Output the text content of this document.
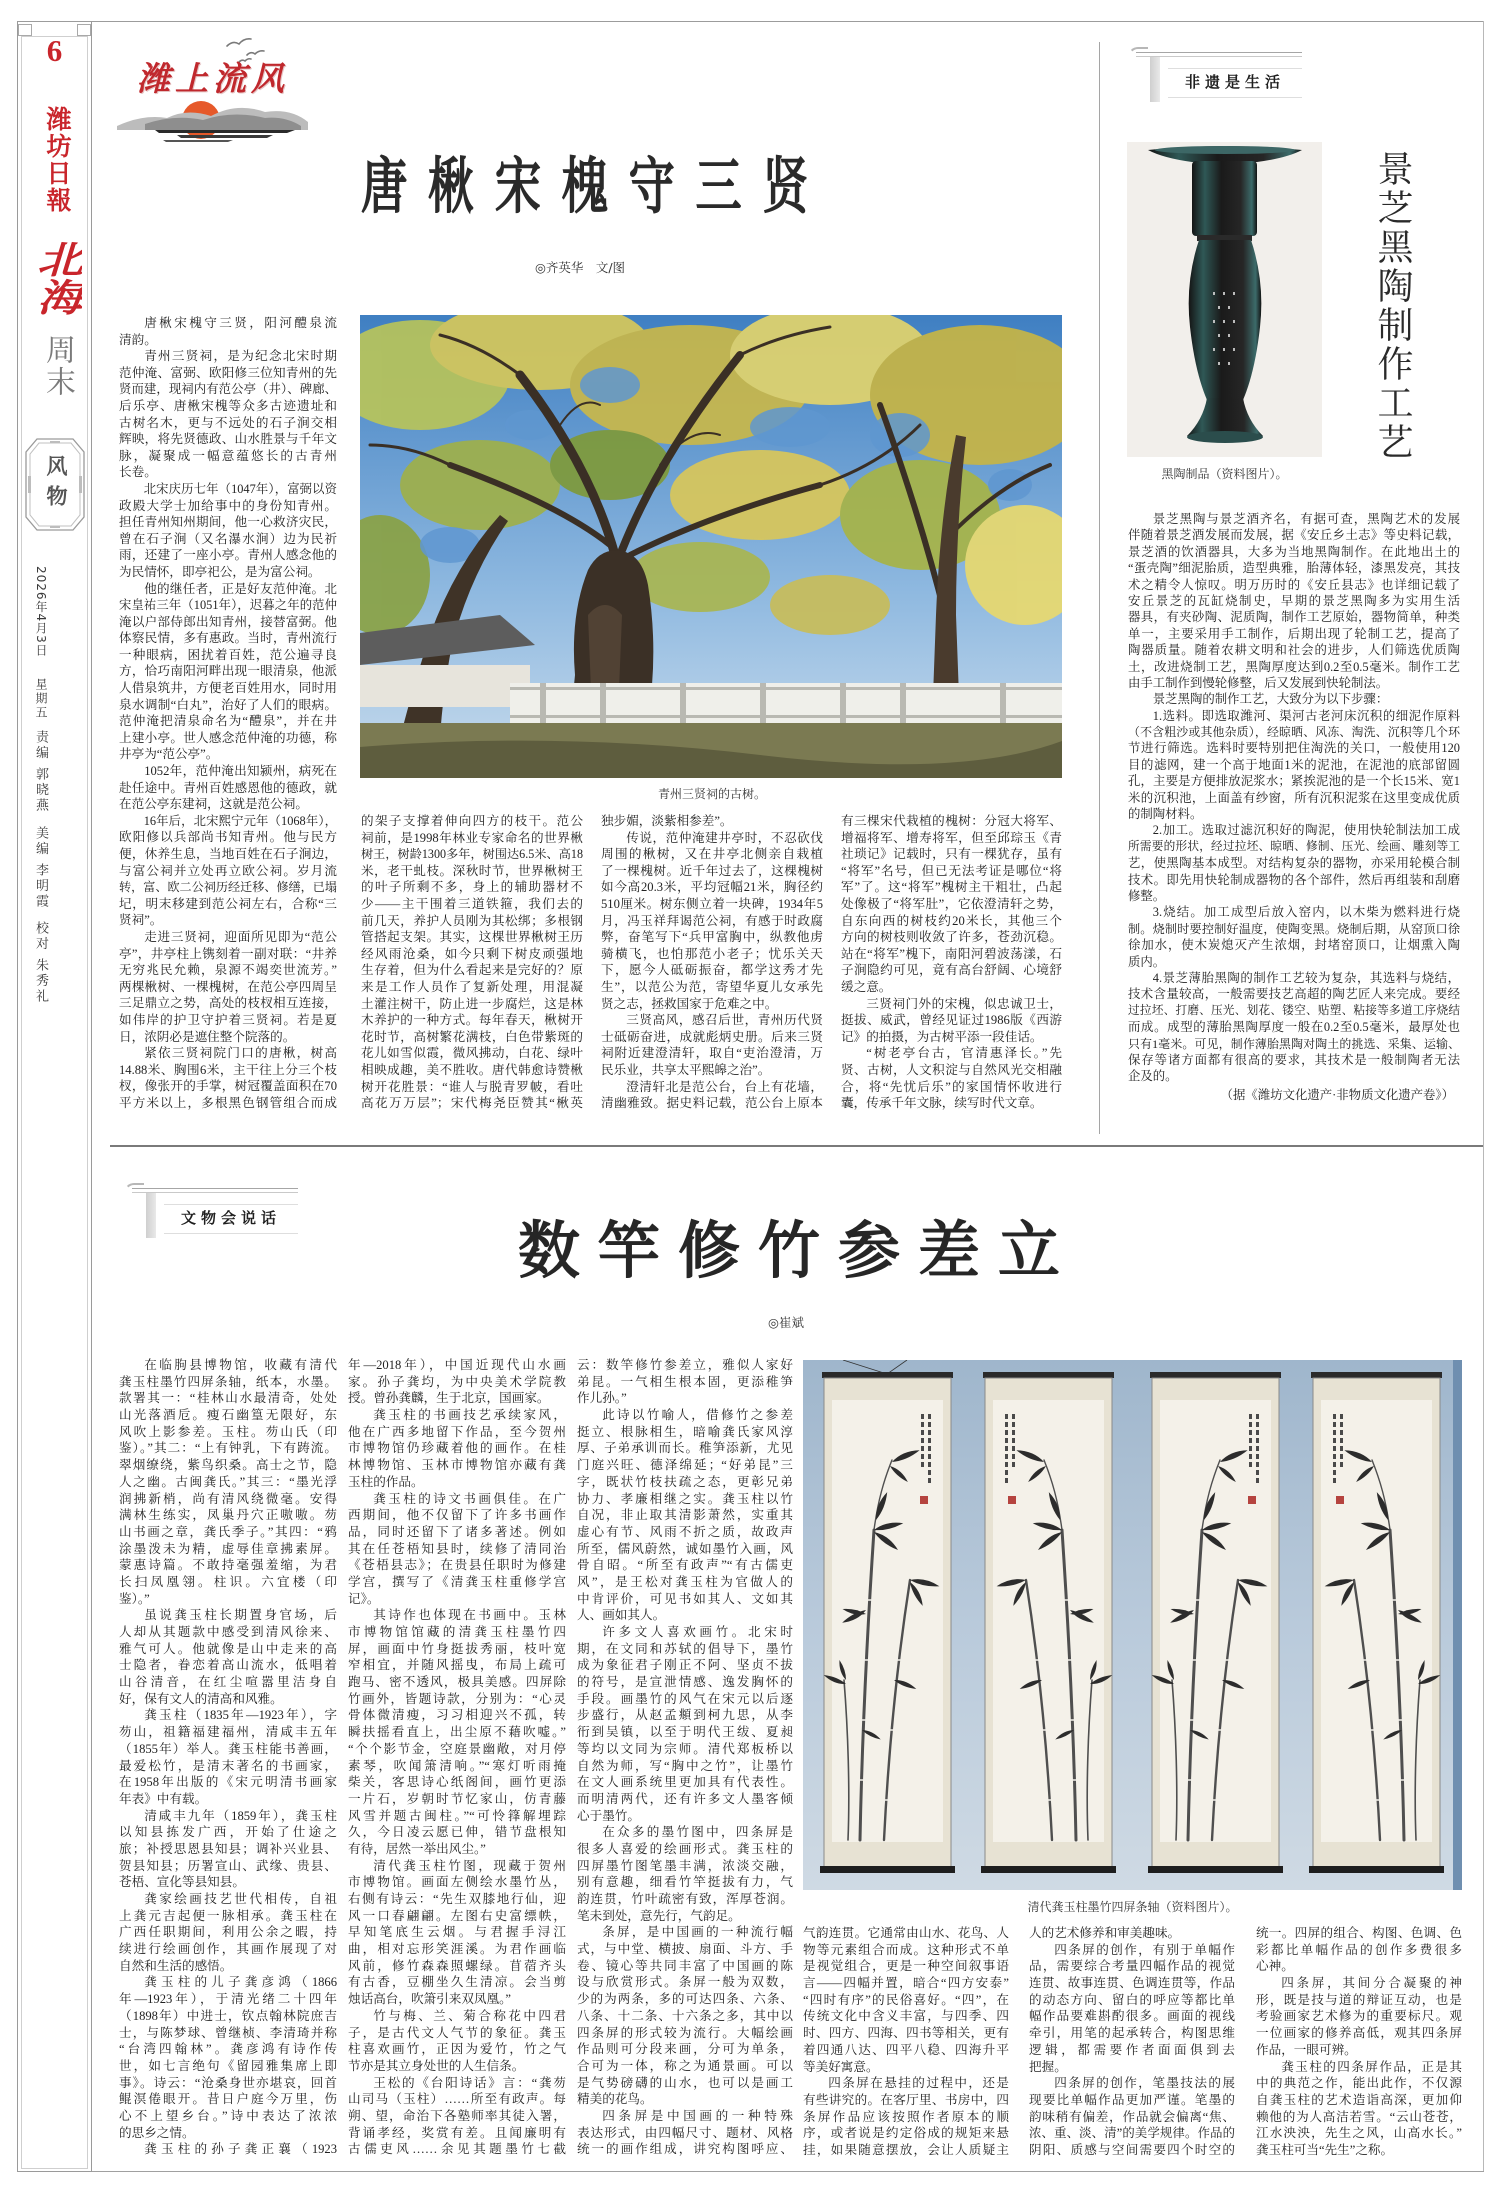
6
潍坊日報
北海
周末
风物
2026年4月3日
星期五
责编郭晓燕美编李明霞校对朱秀礼
潍上流风
唐楸宋槐守三贤
◎齐英华　文/图
青州三贤祠的古树。
唐楸宋槐守三贤，阳河醴泉流
清韵。
青州三贤祠，是为纪念北宋时期
范仲淹、富弼、欧阳修三位知青州的先
贤而建，现祠内有范公亭（井）、碑廊、
后乐亭、唐楸宋槐等众多古迹遗址和
古树名木，更与不远处的石子涧交相
辉映，将先贤德政、山水胜景与千年文
脉，凝聚成一幅意蕴悠长的古青州
长卷。
北宋庆历七年（1047年），富弼以资
政殿大学士加给事中的身份知青州。
担任青州知州期间，他一心救济灾民，
曾在石子涧（又名瀑水涧）边为民祈
雨，还建了一座小亭。青州人感念他的
为民情怀，即亭祀公，是为富公祠。
他的继任者，正是好友范仲淹。北
宋皇祐三年（1051年），迟暮之年的范仲
淹以户部侍郎出知青州，接替富弼。他
体察民情，多有惠政。当时，青州流行
一种眼病，困扰着百姓，范公遍寻良
方，恰巧南阳河畔出现一眼清泉，他派
人借泉筑井，方便老百姓用水，同时用
泉水调制“白丸”，治好了人们的眼病。
范仲淹把清泉命名为“醴泉”，并在井
上建小亭。世人感念范仲淹的功德，称
井亭为“范公亭”。
1052年，范仲淹出知颍州，病死在
赴任途中。青州百姓感恩他的德政，就
在范公亭东建祠，这就是范公祠。
16年后，北宋熙宁元年（1068年），
欧阳修以兵部尚书知青州。他与民方
便，休养生息，当地百姓在石子涧边，
与富公祠并立处再立欧公祠。岁月流
转，富、欧二公祠历经迁移、修缮，已塌
圮，明末移建到范公祠左右，合称“三
贤祠”。
走进三贤祠，迎面所见即为“范公
亭”，井亭柱上镌刻着一副对联：“井养
无穷兆民允赖，泉源不竭奕世流芳。”
两棵楸树、一棵槐树，在范公亭四周呈
三足鼎立之势，高处的枝杈相互连接，
如伟岸的护卫守护着三贤祠。若是夏
日，浓阴必是遮住整个院落的。
紧依三贤祠院门口的唐楸，树高
14.88米、胸围6米，主干往上分三个枝
杈，像张开的手掌，树冠覆盖面积在70
平方米以上，多根黑色钢管组合而成
的架子支撑着伸向四方的枝干。范公
祠前，是1998年林业专家命名的世界楸
树王，树龄1300多年，树围达6.5米、高18
米，老干虬枝。深秋时节，世界楸树王
的叶子所剩不多，身上的辅助器材不
少——主干围着三道铁箍，我们去的
前几天，养护人员刚为其松绑；多根钢
管搭起支架。其实，这棵世界楸树王历
经风雨沧桑，如今只剩下树皮顽强地
生存着，但为什么看起来是完好的？原
来是工作人员作了复新处理，用混凝
土灌注树干，防止进一步腐烂，这是林
木养护的一种方式。每年春天，楸树开
花时节，高树繁花满枝，白色带紫斑的
花儿如雪似霞，微风拂动，白花、绿叶
相映成趣，美不胜收。唐代韩愈诗赞楸
树开花胜景：“谁人与脱青罗帔，看吐
高花万万层”；宋代梅尧臣赞其“楸英
独步媚，淡紫相参差”。
传说，范仲淹建井亭时，不忍砍伐
周围的楸树，又在井亭北侧亲自栽植
了一棵槐树。近千年过去了，这棵槐树
如今高20.3米，平均冠幅21米，胸径约
510厘米。树东侧立着一块碑，1934年5
月，冯玉祥拜谒范公祠，有感于时政腐
弊，奋笔写下“兵甲富胸中，纵教他虏
骑横飞，也怕那范小老子；忧乐关天
下，愿今人砥砺振奋，都学这秀才先
生”，以范公为范，寄望华夏儿女承先
贤之志，拯救国家于危难之中。
三贤高风，感召后世，青州历代贤
士砥砺奋进，成就彪炳史册。后来三贤
祠附近建澄清轩，取自“吏治澄清，万
民乐业，共享太平熙皞之治”。
澄清轩北是范公台，台上有花墙，
清幽雅致。据史料记载，范公台上原本
有三棵宋代栽植的槐树：分冠大将军、
增福将军、增寿将军，但至邱琮玉《青
社琐记》记载时，只有一棵犹存，虽有
“将军”名号，但已无法考证是哪位“将
军”了。这“将军”槐树主干粗壮，凸起
处像极了“将军肚”，它依澄清轩之势，
自东向西的树枝约20米长，其他三个
方向的树枝则收敛了许多，苍劲沉稳。
站在“将军”槐下，南阳河碧波荡漾，石
子涧隐约可见，竟有高台舒阔、心境舒
缓之意。
三贤祠门外的宋槐，似忠诚卫士，
挺拔、威武，曾经见证过1986版《西游
记》的拍摄，为古树平添一段佳话。
“树老亭台古，官清惠泽长。”先
贤、古树，人文积淀与自然风光交相融
合，将“先忧后乐”的家国情怀收进行
囊，传承千年文脉，续写时代文章。
非遗是生活
黑陶制品（资料图片）。
景芝黑陶制作工艺
景芝黑陶与景芝酒齐名，有据可查，黑陶艺术的发展
伴随着景芝酒发展而发展，据《安丘乡土志》等史料记载，
景芝酒的饮酒器具，大多为当地黑陶制作。在此地出土的
“蛋壳陶”细泥胎质，造型典雅，胎薄体轻，漆黑发亮，其技
术之精令人惊叹。明万历时的《安丘县志》也详细记载了
安丘景芝的瓦缸烧制史，早期的景芝黑陶多为实用生活
器具，有夹砂陶、泥质陶，制作工艺原始，器物简单，种类
单一，主要采用手工制作，后期出现了轮制工艺，提高了
陶器质量。随着农耕文明和社会的进步，人们筛选优质陶
土，改进烧制工艺，黑陶厚度达到0.2至0.5毫米。制作工艺
由手工制作到慢轮修整，后又发展到快轮制法。
景芝黑陶的制作工艺，大致分为以下步骤：
1.选料。即选取潍河、渠河古老河床沉积的细泥作原料
（不含粗沙或其他杂质），经晾晒、风冻、淘洗、沉积等几个环
节进行筛选。选料时要特别把住淘洗的关口，一般使用120
目的滤网，建一个高于地面1米的泥池，在泥池的底部留圆
孔，主要是方便排放泥浆水；紧挨泥池的是一个长15米、宽1
米的沉积池，上面盖有纱窗，所有沉积泥浆在这里变成优质
的制陶材料。
2.加工。选取过滤沉积好的陶泥，使用快轮制法加工成
所需要的形状，经过拉坯、晾晒、修制、压光、绘画、雕刻等工
艺，使黑陶基本成型。对结构复杂的器物，亦采用轮模合制
技术。即先用快轮制成器物的各个部件，然后再组装和刮磨
修整。
3.烧结。加工成型后放入窑内，以木柴为燃料进行烧
制。烧制时要控制好温度，使陶变黑。烧制后期，从窑顶口徐
徐加水，使木炭熄灭产生浓烟，封堵窑顶口，让烟熏入陶
质内。
4.景芝薄胎黑陶的制作工艺较为复杂，其选料与烧结，
技术含量较高，一般需要技艺高超的陶艺匠人来完成。要经
过拉坯、打磨、压光、划花、镂空、贴塑、粘接等多道工序烧结
而成。成型的薄胎黑陶厚度一般在0.2至0.5毫米，最厚处也
只有1毫米。可见，制作薄胎黑陶对陶土的挑选、采集、运输、
保存等诸方面都有很高的要求，其技术是一般制陶者无法
企及的。
（据《潍坊文化遗产·非物质文化遗产卷》）
文物会说话	数竿修竹参差立
◎崔斌
在临朐县博物馆，收藏有清代
龚玉柱墨竹四屏条轴，纸本，水墨。
款署其一：“桂林山水最清奇，处处
山光落酒卮。瘦石幽篁无限好，东
风吹上影参差。玉柱。芴山氏（印
鉴）。”其二：“上有钟乳，下有踌流。
翠烟缭绕，紫鸟织桑。高士之节，隐
人之幽。古闽龚氏。”其三：“墨光浮
润拂新梢，尚有清风绕微毫。安得
满林生练实，凤巢丹穴正嗷嗷。芴
山书画之章，龚氏季子。”其四：“鸦
涂墨泼未为精，虚辱佳章拂素屏。
蒙惠诗篇。不敢持毫强羞缩，为君
长扫凤凰翎。柱识。六宜楼（印
鉴）。”
虽说龚玉柱长期置身官场，后
人却从其题款中感受到清风徐来、
雅气可人。他就像是山中走来的高
士隐者，眷恋着高山流水，低唱着
山谷清音，在红尘喧嚣里洁身自
好，保有文人的清高和风雅。
龚玉柱（1835年—1923年），字
芴山，祖籍福建福州，清咸丰五年
（1855年）举人。龚玉柱能书善画，
最爱松竹，是清末著名的书画家，
在1958年出版的《宋元明清书画家
年表》中有载。
清咸丰九年（1859年），龚玉柱
以知县拣发广西，开始了仕途之
旅；补授思恩县知县；调补兴业县、
贺县知县；历署宣山、武缘、贵县、
苍梧、宣化等县知县。
龚家绘画技艺世代相传，自祖
上龚元吉起便一脉相承。龚玉柱在
广西任职期间，利用公余之暇，持
续进行绘画创作，其画作展现了对
自然和生活的感悟。
龚玉柱的儿子龚彦鸿（1866
年—1923年），于清光绪二十四年
（1898年）中进士，钦点翰林院庶吉
士，与陈梦球、曾继桢、李清琦并称
“台湾四翰林”。龚彦鸿有诗作传
世，如七言绝句《留园雅集席上即
事》。诗云：“沧桑身世亦堪哀，回首
鲲溟倦眼开。昔日户庭今万里，伤
心不上望乡台。”诗中表达了浓浓
的思乡之情。
龚玉柱的孙子龚正襄（1923
年—2018年），中国近现代山水画
家。孙子龚均，为中央美术学院教
授。曾孙龚麟，生于北京，国画家。
龚玉柱的书画技艺承续家风，
他在广西多地留下作品，至今贺州
市博物馆仍珍藏着他的画作。在桂
林博物馆、玉林市博物馆亦藏有龚
玉柱的作品。
龚玉柱的诗文书画俱佳。在广
西期间，他不仅留下了许多书画作
品，同时还留下了诸多著述。例如
其在任苍梧知县时，续修了清同治
《苍梧县志》；在贵县任职时为修建
学宫，撰写了《清龚玉柱重修学宫
记》。
其诗作也体现在书画中。玉林
市博物馆馆藏的清龚玉柱墨竹四
屏，画面中竹身挺拔秀丽，枝叶宽
窄相宜，并随风摇曳，布局上疏可
跑马、密不透风，极具美感。四屏除
竹画外，皆题诗款，分别为：“心灵
骨体微清瘦，习习相迎兴不孤，转
瞬扶摇看直上，出尘原不藉吹嘘。”
“个个影节金，空庭景幽敞，对月停
素琴，吹闻箫清响。”“寒灯听雨掩
柴关，客思诗心纸阁间，画竹更添
一片石，岁朝时节忆家山，仿青藤
风雪并题古闽柱。”“可怜箨解埋踪
久，今日凌云愿已伸，错节盘根知
有待，居然一举出风尘。”
清代龚玉柱竹图，现藏于贺州
市博物馆。画面左侧绘水墨竹丛，
右侧有诗云：“先生双膝地行仙，迎
风一口春翩翩。左图右史富缥帙，
早知笔底生云烟。与君握手浔江
曲，相对忘形笑涯溪。为君作画临
风前，修竹森森照螺绿。苜蓿齐头
有古香，豆棚坐久生清凉。会当剪
烛话高台，吹箫引来双凤凰。”
竹与梅、兰、菊合称花中四君
子，是古代文人气节的象征。龚玉
柱喜欢画竹，正因为爱竹，竹之气
节亦是其立身处世的人生信条。
王松的《台阳诗话》言：“龚芴
山司马（玉柱）……所至有政声。每
朔、望，命治下各塾师率其徒入署，
背诵孝经，奖赏有差。且闻廉明有
古儒吏风……余见其题墨竹七截
云：数竿修竹参差立，雅似人家好
弟昆。一气相生根本固，更添稚笋
作儿孙。”
此诗以竹喻人，借修竹之参差
挺立、根脉相生，暗喻龚氏家风淳
厚、子弟承训而长。稚笋添新，尤见
门庭兴旺、德泽绵延；“好弟昆”三
字，既状竹枝扶疏之态，更彰兄弟
协力、孝廉相继之实。龚玉柱以竹
自况，非止取其清影萧然，实重其
虚心有节、风雨不折之质，故政声
所至，儒风蔚然，诚如墨竹入画，风
骨自昭。“所至有政声”“有古儒吏
风”，是王松对龚玉柱为官做人的
中肯评价，可见书如其人、文如其
人、画如其人。
许多文人喜欢画竹。北宋时
期，在文同和苏轼的倡导下，墨竹
成为象征君子刚正不阿、坚贞不拔
的符号，是宣泄情感、逸发胸怀的
手段。画墨竹的风气在宋元以后逐
步盛行，从赵孟頫到柯九思，从李
衎到吴镇，以至于明代王绂、夏昶
等均以文同为宗师。清代郑板桥以
自然为师，写“胸中之竹”，让墨竹
在文人画系统里更加具有代表性。
而明清两代，还有许多文人墨客倾
心于墨竹。
在众多的墨竹图中，四条屏是
很多人喜爱的绘画形式。龚玉柱的
四屏墨竹图笔墨丰满，浓淡交融，
别有意趣，细看竹竿挺拔有力，气
韵连贯，竹叶疏密有致，浑厚苍润。
笔未到处，意先行，气韵足。
条屏，是中国画的一种流行幅
式，与中堂、横披、扇面、斗方、手
卷、镜心等共同丰富了中国画的陈
设与欣赏形式。条屏一般为双数，
少的为两条，多的可达四条、六条、
八条、十二条、十六条之多，其中以
四条屏的形式较为流行。大幅绘画
作品则可分段来画，分可为单条，
合可为一体，称之为通景画。可以
是气势磅礴的山水，也可以是画工
精美的花鸟。
四条屏是中国画的一种特殊
表达形式，由四幅尺寸、题材、风格
统一的画作组成，讲究构图呼应、
清代龚玉柱墨竹四屏条轴（资料图片）。
气韵连贯。它通常由山水、花鸟、人
物等元素组合而成。这种形式不单
是视觉组合，更是一种空间叙事语
言——四幅并置，暗合“四方安泰”
“四时有序”的民俗喜好。“四”，在
传统文化中含义丰富，与四季、四
时、四方、四海、四书等相关，更有
着四通八达、四平八稳、四海升平
等美好寓意。
四条屏在悬挂的过程中，还是
有些讲究的。在客厅里、书房中，四
条屏作品应该按照作者原本的顺
序，或者说是约定俗成的规矩来悬
挂，如果随意摆放，会让人质疑主
人的艺术修养和审美趣味。
四条屏的创作，有别于单幅作
品，需要综合考量四幅作品的视觉
连贯、故事连贯、色调连贯等，作品
的动态方向、留白的呼应等都比单
幅作品要难斟酌很多。画面的视线
牵引，用笔的起承转合，构图思维
逻辑，都需要作者面面俱到去
把握。
四条屏的创作，笔墨技法的展
现要比单幅作品更加严谨。笔墨的
韵味稍有偏差，作品就会偏离“焦、
浓、重、淡、清”的美学规律。作品的
阴阳、质感与空间需要四个时空的
统一。四屏的组合、构图、色调、色
彩都比单幅作品的创作多费很多
心神。
四条屏，其间分合凝聚的神
形，既是技与道的辩证互动，也是
考验画家艺术修为的重要标尺。观
一位画家的修养高低，观其四条屏
作品，一眼可辨。
龚玉柱的四条屏作品，正是其
中的典范之作，能出此作，不仅源
自龚玉柱的艺术造诣高深，更加仰
赖他的为人高洁若雪。“云山苍苍，
江水泱泱，先生之风，山高水长。”
龚玉柱可当“先生”之称。
